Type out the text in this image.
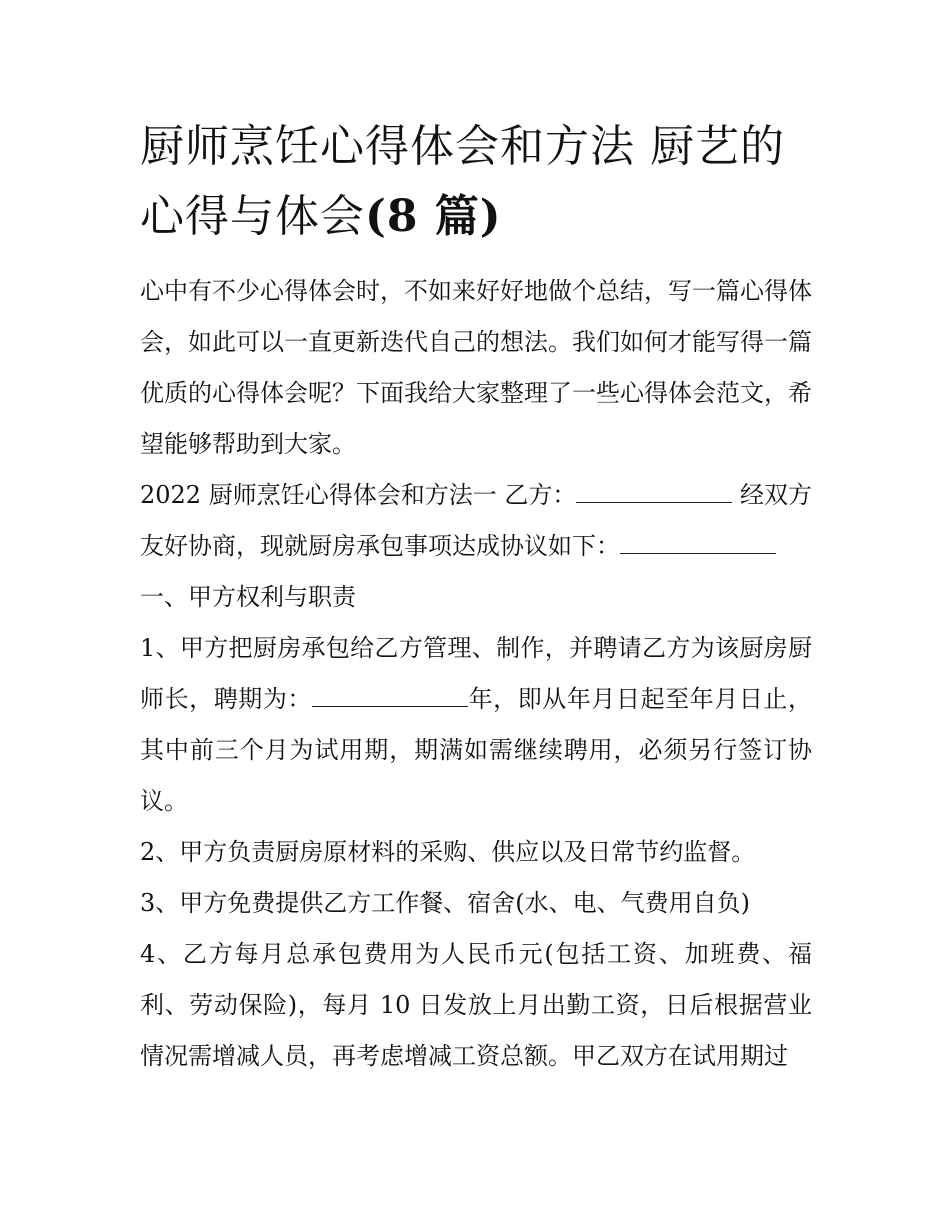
厨师烹饪心得体会和方法 厨艺的心得与体会(8 篇)

心中有不少心得体会时，不如来好好地做个总结，写一篇心得体会，如此可以一直更新迭代自己的想法。我们如何才能写得一篇优质的心得体会呢？下面我给大家整理了一些心得体会范文，希望能够帮助到大家。

2022 厨师烹饪心得体会和方法一 乙方：	经双方友好协商，现就厨房承包事项达成协议如下：

一、甲方权利与职责

1、甲方把厨房承包给乙方管理、制作，并聘请乙方为该厨房厨师长，聘期为：	年，即从年月日起至年月日止，其中前三个月为试用期，期满如需继续聘用，必须另行签订协议。

2、甲方负责厨房原材料的采购、供应以及日常节约监督。

3、甲方免费提供乙方工作餐、宿舍(水、电、气费用自负)

4、乙方每月总承包费用为人民币元(包括工资、加班费、福利、劳动保险)，每月 10 日发放上月出勤工资，日后根据营业情况需增减人员，再考虑增减工资总额。甲乙双方在试用期过
